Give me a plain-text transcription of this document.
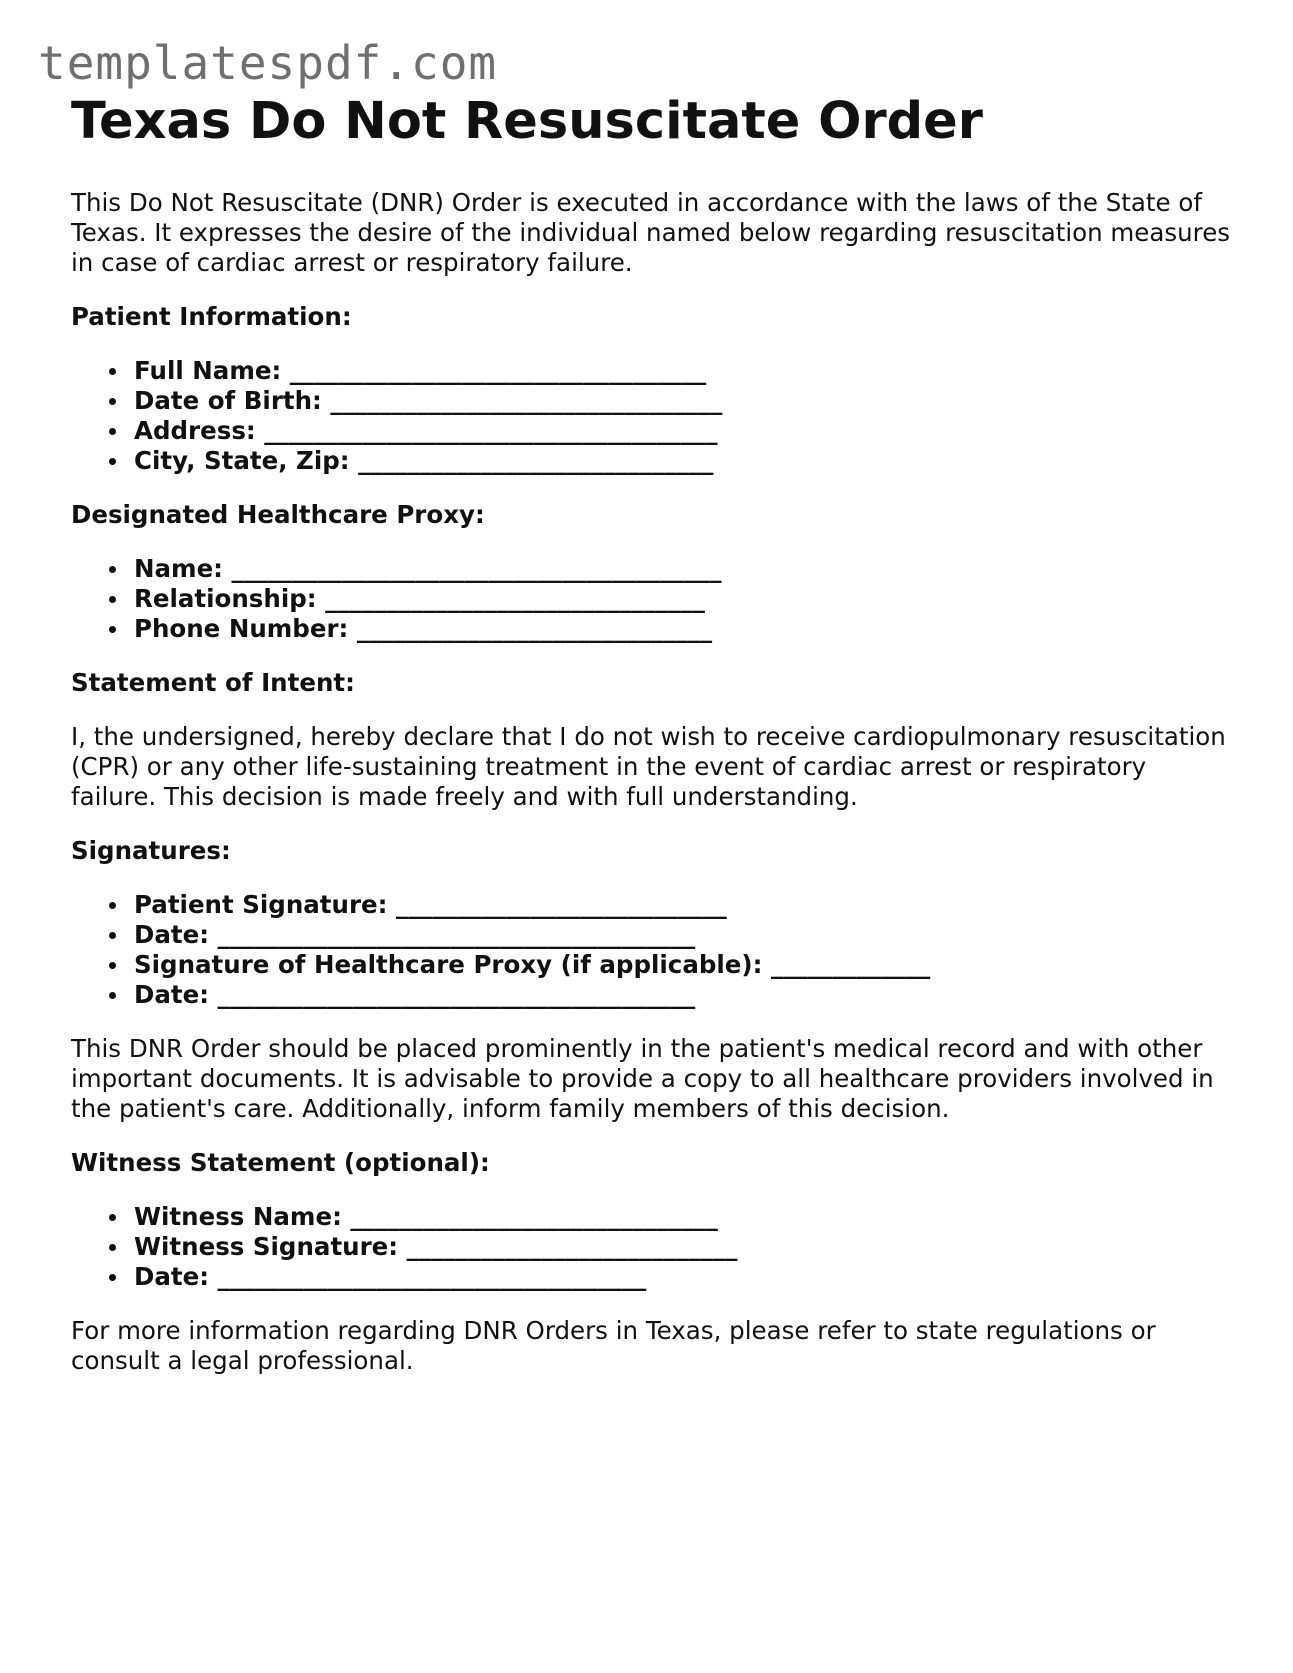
templatespdf.com
Texas Do Not Resuscitate Order

This Do Not Resuscitate (DNR) Order is executed in accordance with the laws of the State of Texas. It expresses the desire of the individual named below regarding resuscitation measures in case of cardiac arrest or respiratory failure.

Patient Information:
Full Name: __________________________________
Date of Birth: ________________________________
Address: _____________________________________
City, State, Zip: _____________________________
Designated Healthcare Proxy:
Name: ________________________________________
Relationship: _______________________________
Phone Number: _____________________________
Statement of Intent:

I, the undersigned, hereby declare that I do not wish to receive cardiopulmonary resuscitation (CPR) or any other life-sustaining treatment in the event of cardiac arrest or respiratory failure. This decision is made freely and with full understanding.

Signatures:
Patient Signature: ___________________________
Date: _______________________________________
Signature of Healthcare Proxy (if applicable): _____________
Date: _______________________________________

This DNR Order should be placed prominently in the patient's medical record and with other important documents. It is advisable to provide a copy to all healthcare providers involved in the patient's care. Additionally, inform family members of this decision.

Witness Statement (optional):
Witness Name: ______________________________
Witness Signature: ___________________________
Date: ___________________________________

For more information regarding DNR Orders in Texas, please refer to state regulations or consult a legal professional.
